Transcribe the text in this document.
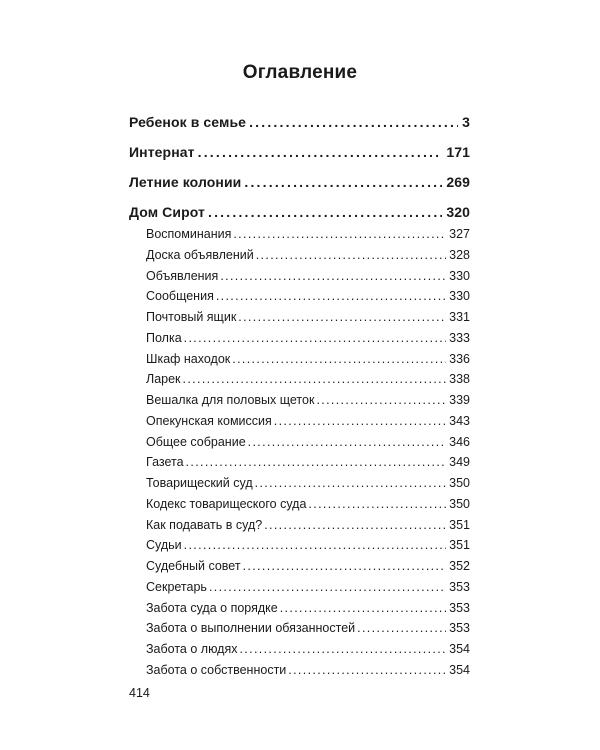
Оглавление
Ребенок в семье .....	3
Интернат .....	171
Летние колонии .....	269
Дом Сирот .....	320
Воспоминания .....	327
Доска объявлений .....	328
Объявления .....	330
Сообщения .....	330
Почтовый ящик .....	331
Полка .....	333
Шкаф находок .....	336
Ларек .....	338
Вешалка для половых щеток .....	339
Опекунская комиссия .....	343
Общее собрание .....	346
Газета .....	349
Товарищеский суд .....	350
Кодекс товарищеского суда .....	350
Как подавать в суд? .....	351
Судьи .....	351
Судебный совет .....	352
Секретарь .....	353
Забота суда о порядке .....	353
Забота о выполнении обязанностей .....	353
Забота о людях .....	354
Забота о собственности .....	354
414
